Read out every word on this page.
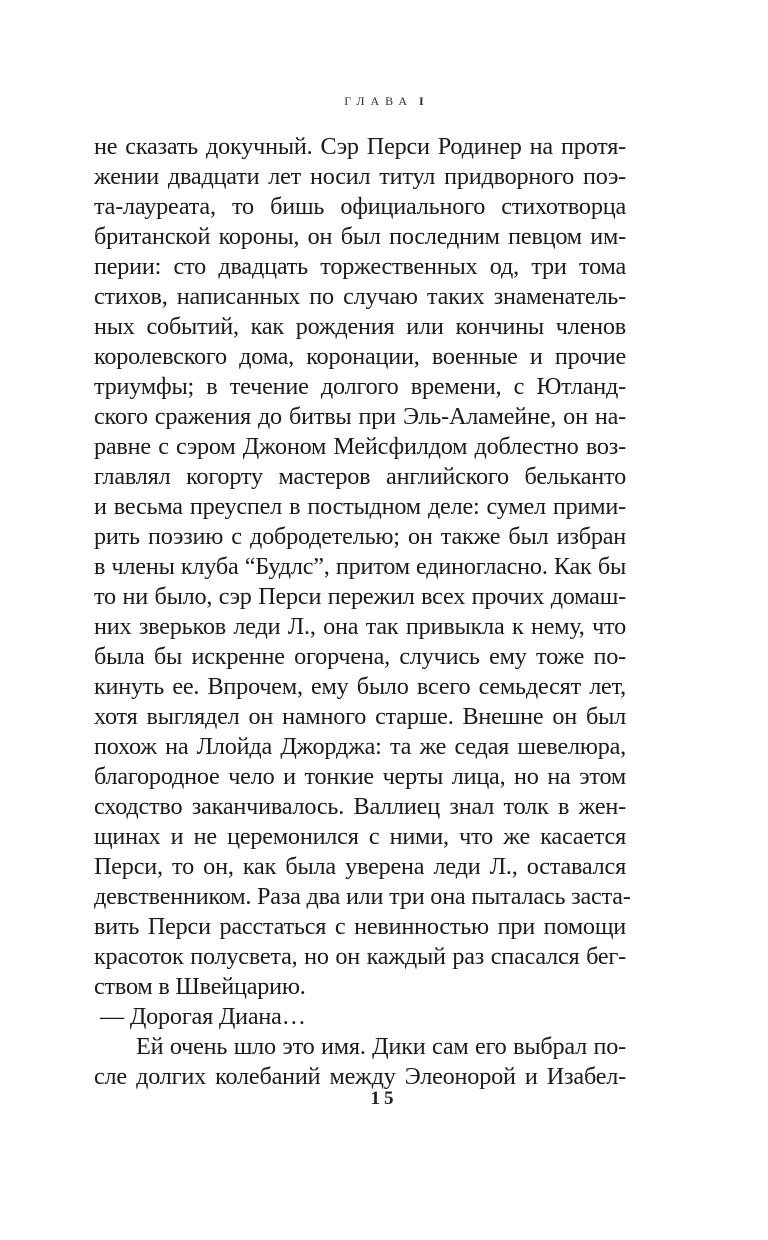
ГЛАВА I
не сказать докучный. Сэр Перси Родинер на протя-
жении двадцати лет носил титул придворного поэ-
та-лауреата, то бишь официального стихотворца
британской короны, он был последним певцом им-
перии: сто двадцать торжественных од, три тома
стихов, написанных по случаю таких знаменатель-
ных событий, как рождения или кончины членов
королевского дома, коронации, военные и прочие
триумфы; в течение долгого времени, с Ютланд-
ского сражения до битвы при Эль-Аламейне, он на-
равне с сэром Джоном Мейсфилдом доблестно воз-
главлял когорту мастеров английского бельканто
и весьма преуспел в постыдном деле: сумел прими-
рить поэзию с добродетелью; он также был избран
в члены клуба “Будлс”, притом единогласно. Как бы
то ни было, сэр Перси пережил всех прочих домаш-
них зверьков леди Л., она так привыкла к нему, что
была бы искренне огорчена, случись ему тоже по-
кинуть ее. Впрочем, ему было всего семьдесят лет,
хотя выглядел он намного старше. Внешне он был
похож на Ллойда Джорджа: та же седая шевелюра,
благородное чело и тонкие черты лица, но на этом
сходство заканчивалось. Валлиец знал толк в жен-
щинах и не церемонился с ними, что же касается
Перси, то он, как была уверена леди Л., оставался
девственником. Раза два или три она пыталась заста-
вить Перси расстаться с невинностью при помощи
красоток полусвета, но он каждый раз спасался бег-
ством в Швейцарию.
— Дорогая Диана…
Ей очень шло это имя. Дики сам его выбрал по-
сле долгих колебаний между Элеонорой и Изабел-
15
